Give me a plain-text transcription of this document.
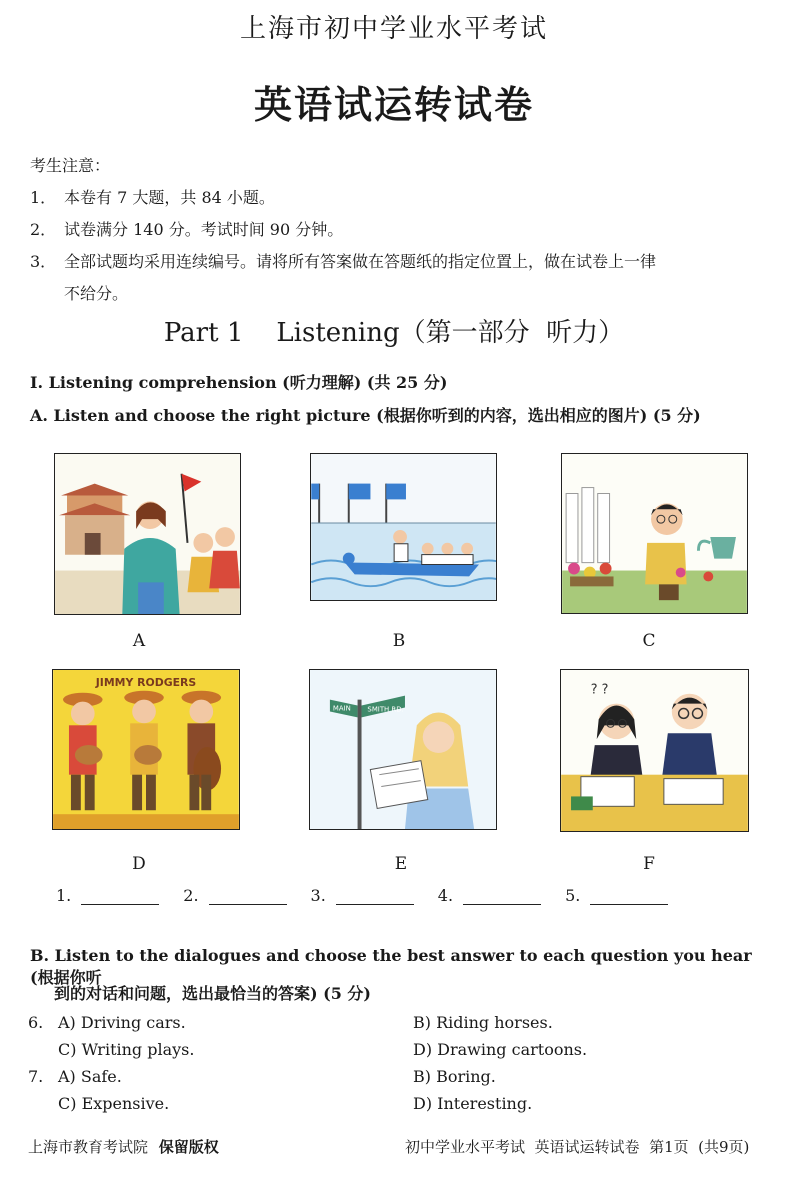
上海市初中学业水平考试
英语试运转试卷
考生注意：
1． 本卷有 7 大题，共 84 小题。
2． 试卷满分 140 分。考试时间 90 分钟。
3． 全部试题均采用连续编号。请将所有答案做在答题纸的指定位置上，做在试卷上一律
不给分。
Part 1    Listening（第一部分  听力）
I. Listening comprehension (听力理解) (共 25 分)
A. Listen and choose the right picture (根据你听到的内容，选出相应的图片) (5 分)
JIMMY RODGERS
MAIN SMITH RD.
? ?
A	B	C
D	E	F
1.	2.	3.	4.	5.
B. Listen to the dialogues and choose the best answer to each question you hear (根据你听
到的对话和问题，选出最恰当的答案) (5 分)
6. A) Driving cars.	B) Riding horses.
C) Writing plays.	D) Drawing cartoons.
7. A) Safe.	B) Boring.
C) Expensive.	D) Interesting.
上海市教育考试院 保留版权	初中学业水平考试  英语试运转试卷  第1页  (共9页)
